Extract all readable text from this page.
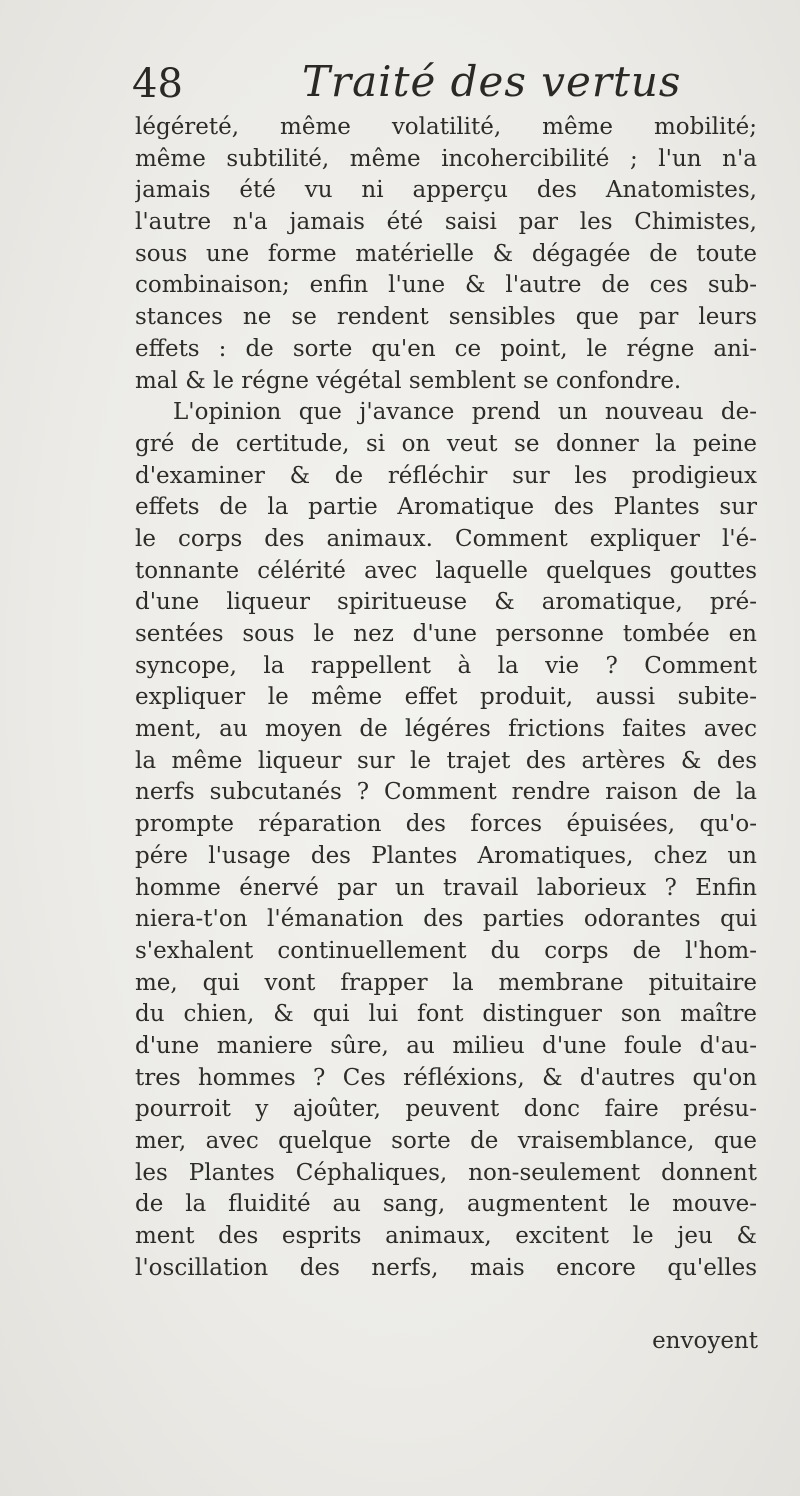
48	Traité des vertus
légéreté, même volatilité, même mobilité;
même subtilité, même incohercibilité ; l'un n'a
jamais été vu ni apperçu des Anatomistes,
l'autre n'a jamais été saisi par les Chimistes,
sous une forme matérielle & dégagée de toute
combinaison; enfin l'une & l'autre de ces sub-
stances ne se rendent sensibles que par leurs
effets : de sorte qu'en ce point, le régne ani-
mal & le régne végétal semblent se confondre.
L'opinion que j'avance prend un nouveau de-
gré de certitude, si on veut se donner la peine
d'examiner & de réfléchir sur les prodigieux
effets de la partie Aromatique des Plantes sur
le corps des animaux. Comment expliquer l'é-
tonnante célérité avec laquelle quelques gouttes
d'une liqueur spiritueuse & aromatique, pré-
sentées sous le nez d'une personne tombée en
syncope, la rappellent à la vie ? Comment
expliquer le même effet produit, aussi subite-
ment, au moyen de légéres frictions faites avec
la même liqueur sur le trajet des artères & des
nerfs subcutanés ? Comment rendre raison de la
prompte réparation des forces épuisées, qu'o-
pére l'usage des Plantes Aromatiques, chez un
homme énervé par un travail laborieux ? Enfin
niera-t'on l'émanation des parties odorantes qui
s'exhalent continuellement du corps de l'hom-
me, qui vont frapper la membrane pituitaire
du chien, & qui lui font distinguer son maître
d'une maniere sûre, au milieu d'une foule d'au-
tres hommes ? Ces réfléxions, & d'autres qu'on
pourroit y ajoûter, peuvent donc faire présu-
mer, avec quelque sorte de vraisemblance, que
les Plantes Céphaliques, non-seulement donnent
de la fluidité au sang, augmentent le mouve-
ment des esprits animaux, excitent le jeu &
l'oscillation des nerfs, mais encore qu'elles
envoyent
